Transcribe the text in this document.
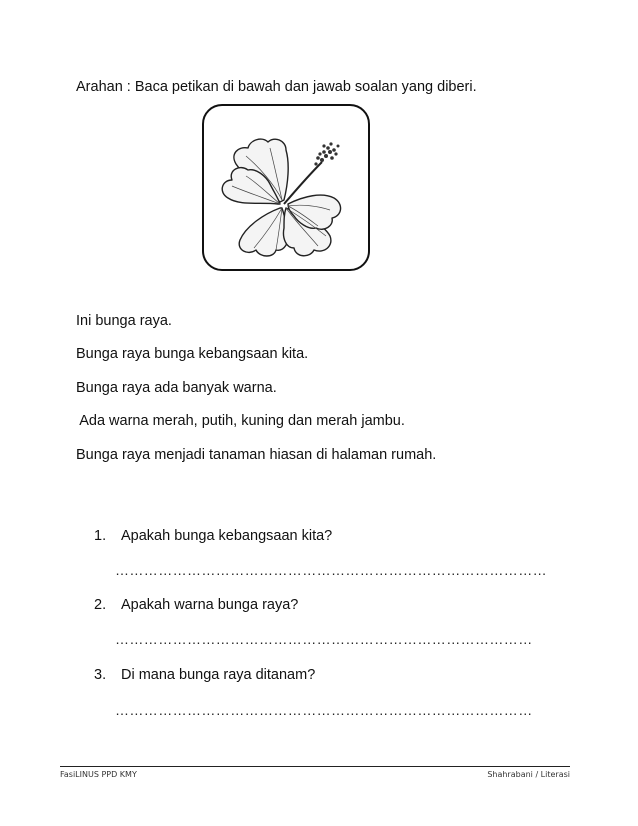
Arahan : Baca petikan di bawah dan jawab soalan yang diberi.
Ini bunga raya.
Bunga raya bunga kebangsaan kita.
Bunga raya ada banyak warna.
Ada warna merah, putih, kuning dan merah jambu.
Bunga raya menjadi tanaman hiasan di halaman rumah.
1. Apakah bunga kebangsaan kita?
………………………………………………………………………………
2. Apakah warna bunga raya?
……………………………………………………………………………
3. Di mana bunga raya ditanam?
……………………………………………………………………………
FasiLINUS PPD KMY	Shahrabani / Literasi
